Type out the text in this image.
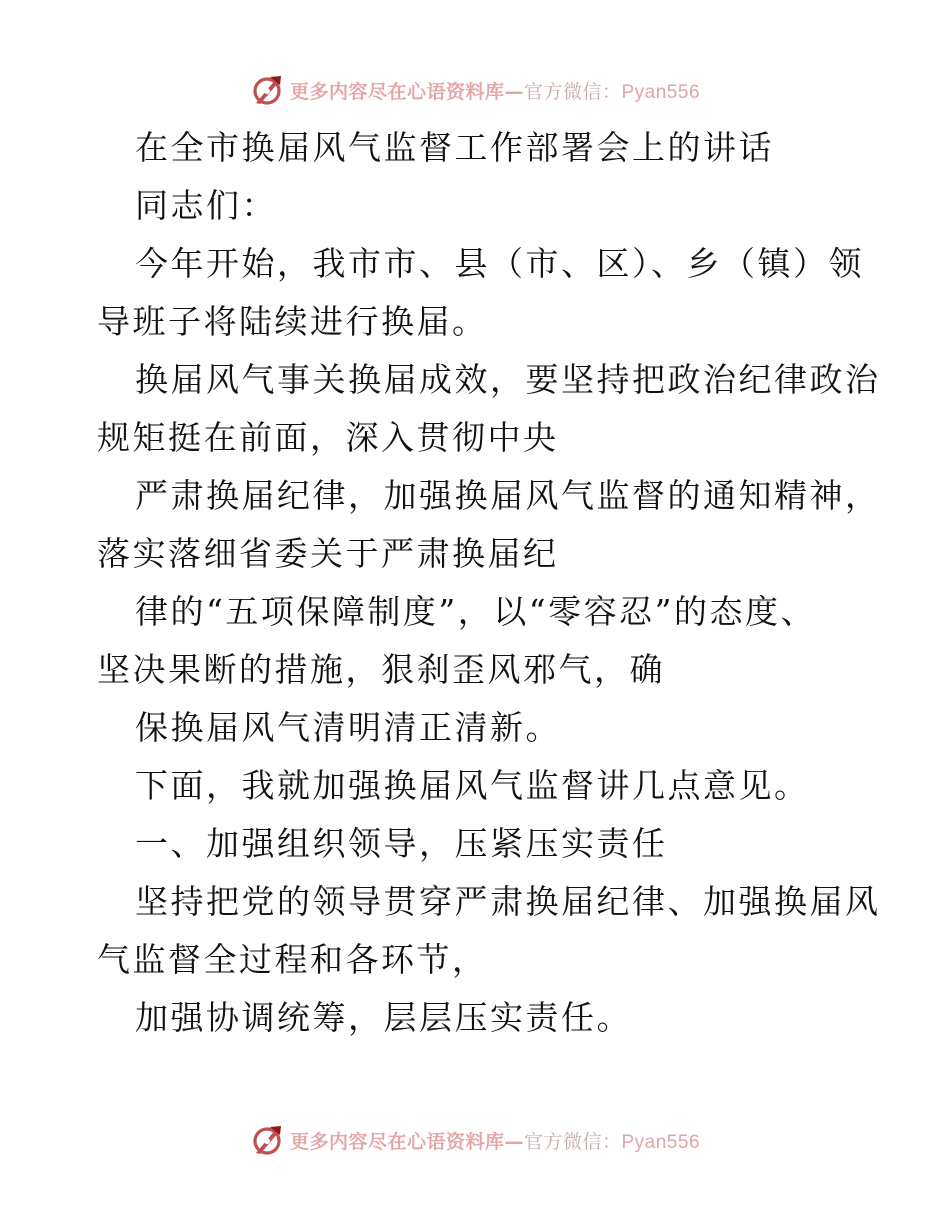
更多内容尽在心语资料库—官方微信：Pyan556
在全市换届风气监督工作部署会上的讲话
同志们：
今年开始，我市市、县（市、区）、乡（镇）领
导班子将陆续进行换届。
换届风气事关换届成效，要坚持把政治纪律政治
规矩挺在前面，深入贯彻中央
严肃换届纪律，加强换届风气监督的通知精神，
落实落细省委关于严肃换届纪
律的“五项保障制度”，以“零容忍”的态度、
坚决果断的措施，狠刹歪风邪气，确
保换届风气清明清正清新。
下面，我就加强换届风气监督讲几点意见。
一、加强组织领导，压紧压实责任
坚持把党的领导贯穿严肃换届纪律、加强换届风
气监督全过程和各环节，
加强协调统筹，层层压实责任。
更多内容尽在心语资料库—官方微信：Pyan556
